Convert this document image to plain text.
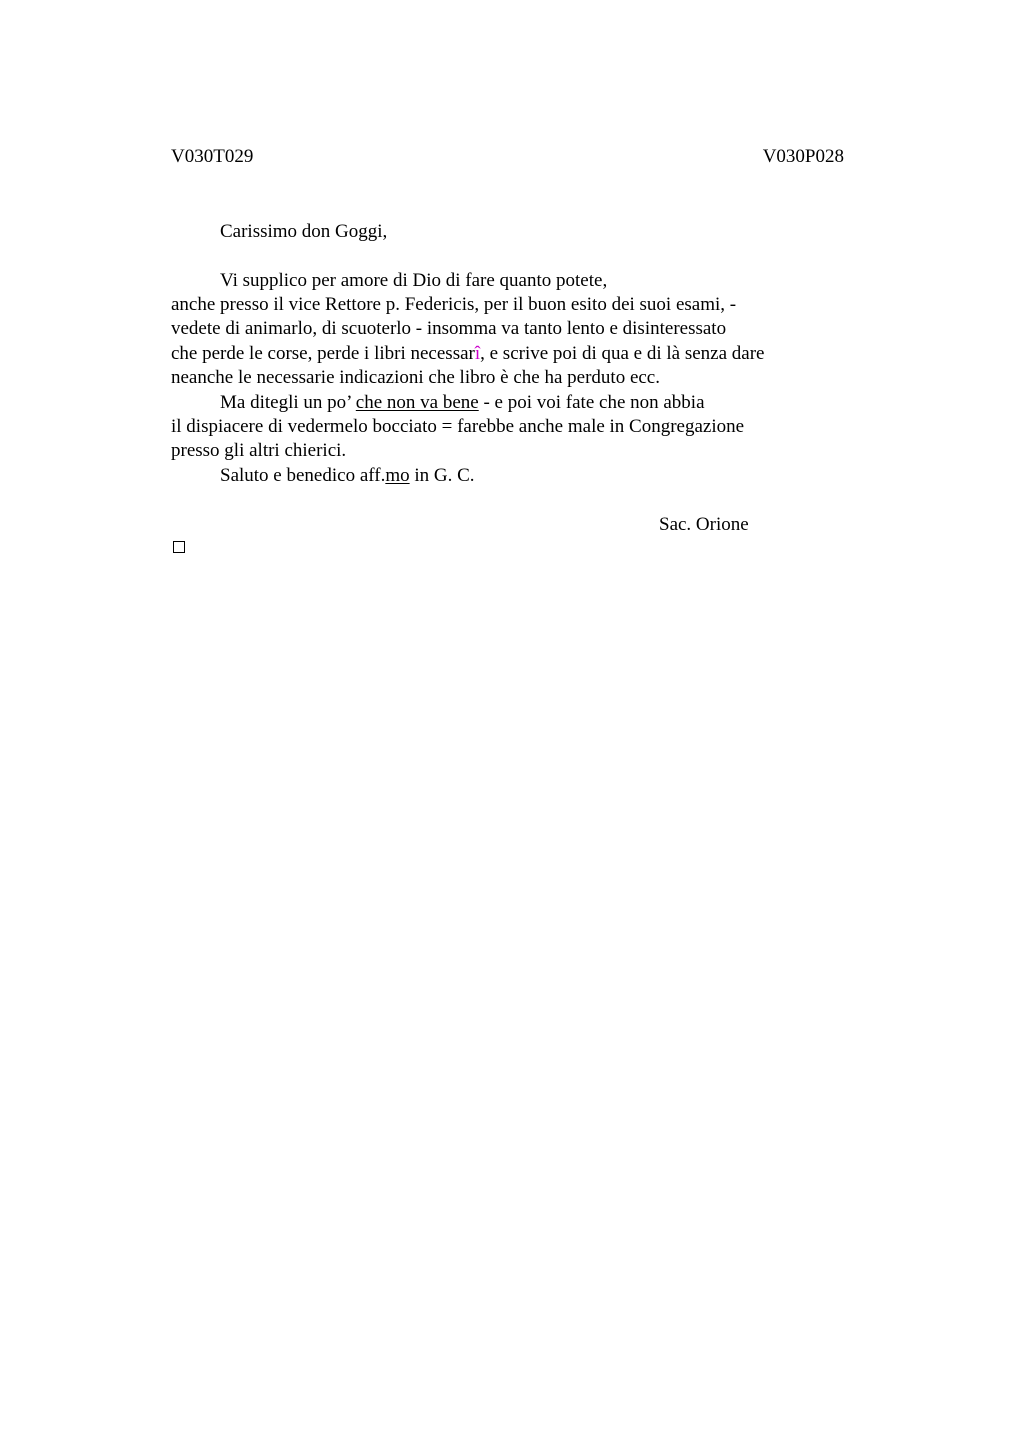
V030T029	V030P028
Carissimo don Goggi,
Vi supplico per amore di Dio di fare quanto potete,
anche presso il vice Rettore p. Federicis, per il buon esito dei suoi esami, -
vedete di animarlo, di scuoterlo - insomma va tanto lento e disinteressato
che perde le corse, perde i libri necessarî, e scrive poi di qua e di là senza dare
neanche le necessarie indicazioni che libro è che ha perduto ecc.
Ma ditegli un po’ che non va bene - e poi voi fate che non abbia
il dispiacere di vedermelo bocciato = farebbe anche male in Congregazione
presso gli altri chierici.
Saluto e benedico aff.mo in G. C.
Sac. Orione
